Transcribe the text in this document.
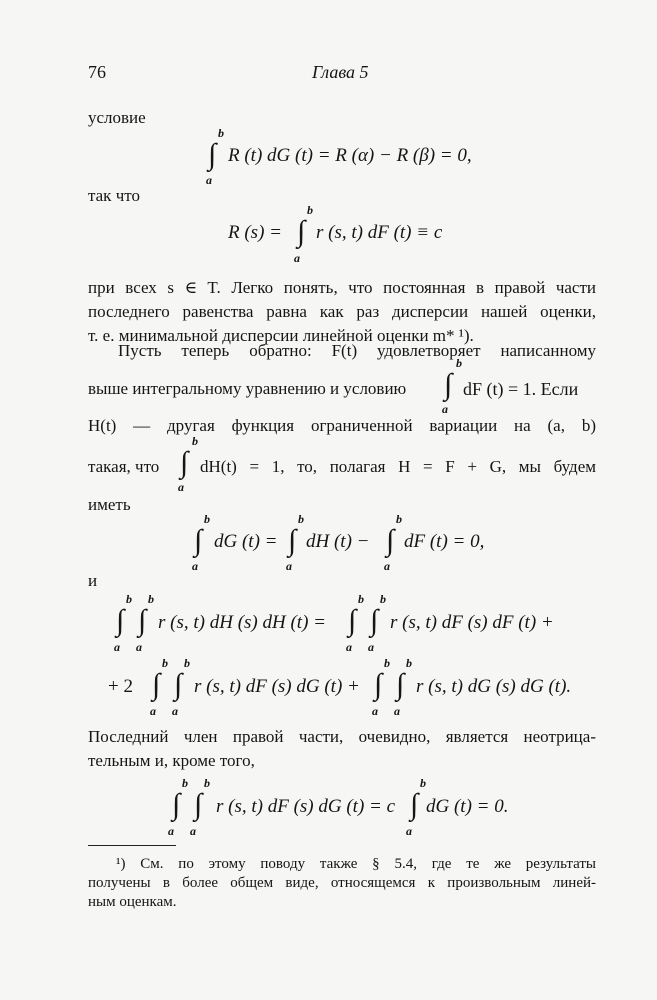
76	Глава 5
условие
b
∫
a
R (t) dG (t) = R (α) − R (β) = 0,
так что
R (s) =
b
∫
a
r (s, t) dF (t) ≡ c
при всех s ∈ T. Легко понять, что постоянная в правой части
последнего равенства равна как раз дисперсии нашей оценки,
т. е. минимальной дисперсии линейной оценки m* ¹).
Пусть теперь обратно: F(t) удовлетворяет написанному
выше интегральному уравнению и условию
b
∫
a
dF (t) = 1. Если
H(t) — другая функция ограниченной вариации на (a, b)
такая, что
b
∫
a
dH(t) = 1, то, полагая H = F + G, мы будем
иметь
b
∫
a
dG (t) =
b
∫
a
dH (t) −
b
∫
a
dF (t) = 0,
и
b
∫
a
b
∫
a
r (s, t) dH (s) dH (t) =
b
∫
a
b
∫
a
r (s, t) dF (s) dF (t) +
+ 2
b
∫
a
b
∫
a
r (s, t) dF (s) dG (t) +
b
∫
a
b
∫
a
r (s, t) dG (s) dG (t).
Последний член правой части, очевидно, является неотрица-
тельным и, кроме того,
b
∫
a
b
∫
a
r (s, t) dF (s) dG (t) = c
b
∫
a
dG (t) = 0.
¹) См. по этому поводу также § 5.4, где те же результаты
получены в более общем виде, относящемся к произвольным линей-
ным оценкам.
